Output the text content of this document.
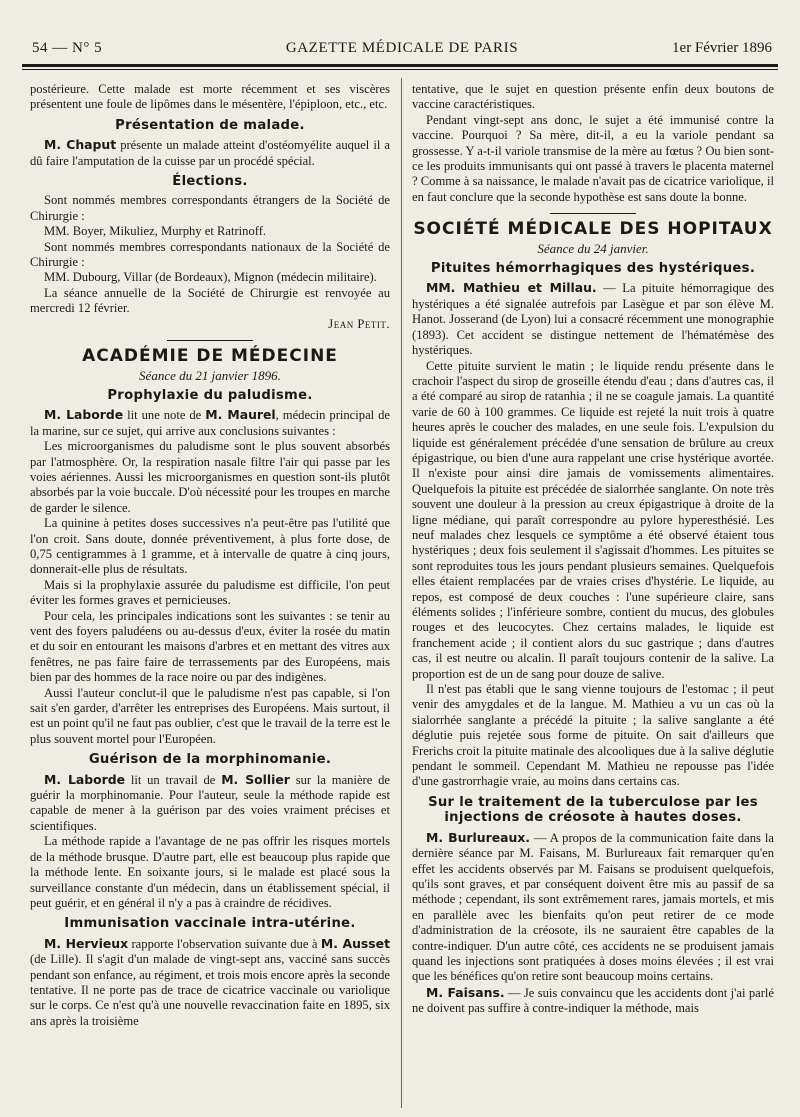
54 — N° 5	GAZETTE MÉDICALE DE PARIS	1er Février 1896

postérieure. Cette malade est morte récemment et ses viscères présentent une foule de lipômes dans le mésentère, l'épiploon, etc., etc.

Présentation de malade.

M. Chaput présente un malade atteint d'ostéomyélite auquel il a dû faire l'amputation de la cuisse par un procédé spécial.

Élections.

Sont nommés membres correspondants étrangers de la Société de Chirurgie :

MM. Boyer, Mikuliez, Murphy et Ratrinoff.

Sont nommés membres correspondants nationaux de la Société de Chirurgie :

MM. Dubourg, Villar (de Bordeaux), Mignon (médecin militaire).

La séance annuelle de la Société de Chirurgie est renvoyée au mercredi 12 février.

Jean Petit.
ACADÉMIE DE MÉDECINE
Séance du 21 janvier 1896.
Prophylaxie du paludisme.

M. Laborde lit une note de M. Maurel, médecin principal de la marine, sur ce sujet, qui arrive aux conclusions suivantes :

Les microorganismes du paludisme sont le plus souvent absorbés par l'atmosphère. Or, la respiration nasale filtre l'air qui passe par les voies aériennes. Aussi les microorganismes en question sont-ils plutôt absorbés par la voie buccale. D'où nécessité pour les troupes en marche de garder le silence.

La quinine à petites doses successives n'a peut-être pas l'utilité que l'on croit. Sans doute, donnée préventivement, à plus forte dose, de 0,75 centigrammes à 1 gramme, et à intervalle de quatre à cinq jours, donnerait-elle plus de résultats.

Mais si la prophylaxie assurée du paludisme est difficile, l'on peut éviter les formes graves et pernicieuses.

Pour cela, les principales indications sont les suivantes : se tenir au vent des foyers paludéens ou au-dessus d'eux, éviter la rosée du matin et du soir en entourant les maisons d'arbres et en mettant des vitres aux fenêtres, ne pas faire faire de terrassements par des Européens, mais bien par des hommes de la race noire ou par des indigènes.

Aussi l'auteur conclut-il que le paludisme n'est pas capable, si l'on sait s'en garder, d'arrêter les entreprises des Européens. Mais surtout, il est un point qu'il ne faut pas oublier, c'est que le travail de la terre est le plus souvent mortel pour l'Européen.

Guérison de la morphinomanie.

M. Laborde lit un travail de M. Sollier sur la manière de guérir la morphinomanie. Pour l'auteur, seule la méthode rapide est capable de mener à la guérison par des voies vraiment précises et scientifiques.

La méthode rapide a l'avantage de ne pas offrir les risques mortels de la méthode brusque. D'autre part, elle est beaucoup plus rapide que la méthode lente. En soixante jours, si le malade est placé sous la surveillance constante d'un médecin, dans un établissement spécial, il peut guérir, et en général il n'y a pas à craindre de récidives.

Immunisation vaccinale intra-utérine.

M. Hervieux rapporte l'observation suivante due à M. Ausset (de Lille). Il s'agit d'un malade de vingt-sept ans, vacciné sans succès pendant son enfance, au régiment, et trois mois encore après la seconde tentative. Il ne porte pas de trace de cicatrice vaccinale ou variolique sur le corps. Ce n'est qu'à une nouvelle revaccination faite en 1895, six ans après la troisième

tentative, que le sujet en question présente enfin deux boutons de vaccine caractéristiques.

Pendant vingt-sept ans donc, le sujet a été immunisé contre la vaccine. Pourquoi ? Sa mère, dit-il, a eu la variole pendant sa grossesse. Y a-t-il variole transmise de la mère au fœtus ? Ou bien sont-ce les produits immunisants qui ont passé à travers le placenta maternel ? Comme à sa naissance, le malade n'avait pas de cicatrice variolique, il en faut conclure que la seconde hypothèse est sans doute la bonne.

SOCIÉTÉ MÉDICALE DES HOPITAUX
Séance du 24 janvier.
Pituites hémorrhagiques des hystériques.

MM. Mathieu et Millau. — La pituite hémorragique des hystériques a été signalée autrefois par Lasègue et par son élève M. Hanot. Josserand (de Lyon) lui a consacré récemment une monographie (1893). Cet accident se distingue nettement de l'hématémèse des hystériques.

Cette pituite survient le matin ; le liquide rendu présente dans le crachoir l'aspect du sirop de groseille étendu d'eau ; dans d'autres cas, il a été comparé au sirop de ratanhia ; il ne se coagule jamais. La quantité varie de 60 à 100 grammes. Ce liquide est rejeté la nuit trois à quatre heures après le coucher des malades, en une seule fois. L'expulsion du liquide est généralement précédée d'une sensation de brûlure au creux épigastrique, ou bien d'une aura rappelant une crise hystérique avortée. Il n'existe pour ainsi dire jamais de vomissements alimentaires. Quelquefois la pituite est précédée de sialorrhée sanglante. On note très souvent une douleur à la pression au creux épigastrique à droite de la ligne médiane, qui paraît correspondre au pylore hyperesthésié. Les neuf malades chez lesquels ce symptôme a été observé étaient tous hystériques ; deux fois seulement il s'agissait d'hommes. Les pituites se sont reproduites tous les jours pendant plusieurs semaines. Quelquefois elles étaient remplacées par de vraies crises d'hystérie. Le liquide, au repos, est composé de deux couches : l'une supérieure claire, sans éléments solides ; l'inférieure sombre, contient du mucus, des globules rouges et des leucocytes. Chez certains malades, le liquide est franchement acide ; il contient alors du suc gastrique ; dans d'autres cas, il est neutre ou alcalin. Il paraît toujours contenir de la salive. La proportion est de un de sang pour douze de salive.

Il n'est pas établi que le sang vienne toujours de l'estomac ; il peut venir des amygdales et de la langue. M. Mathieu a vu un cas où la sialorrhée sanglante a précédé la pituite ; la salive sanglante a été déglutie puis rejetée sous forme de pituite. On sait d'ailleurs que Frerichs croit la pituite matinale des alcooliques due à la salive déglutie pendant le sommeil. Cependant M. Mathieu ne repousse pas l'idée d'une gastrorrhagie vraie, au moins dans certains cas.

Sur le traitement de la tuberculose par les injections de créosote à hautes doses.

M. Burlureaux. — A propos de la communication faite dans la dernière séance par M. Faisans, M. Burlureaux fait remarquer qu'en effet les accidents observés par M. Faisans se produisent quelquefois, qu'ils sont graves, et par conséquent doivent être mis au passif de sa méthode ; cependant, ils sont extrêmement rares, jamais mortels, et mis en parallèle avec les bienfaits qu'on peut retirer de ce mode d'administration de la créosote, ils ne sauraient être capables de la contre-indiquer. D'un autre côté, ces accidents ne se produisent jamais quand les injections sont pratiquées à doses moins élevées ; il est vrai que les bénéfices qu'on retire sont beaucoup moins certains.

M. Faisans. — Je suis convaincu que les accidents dont j'ai parlé ne doivent pas suffire à contre-indiquer la méthode, mais
